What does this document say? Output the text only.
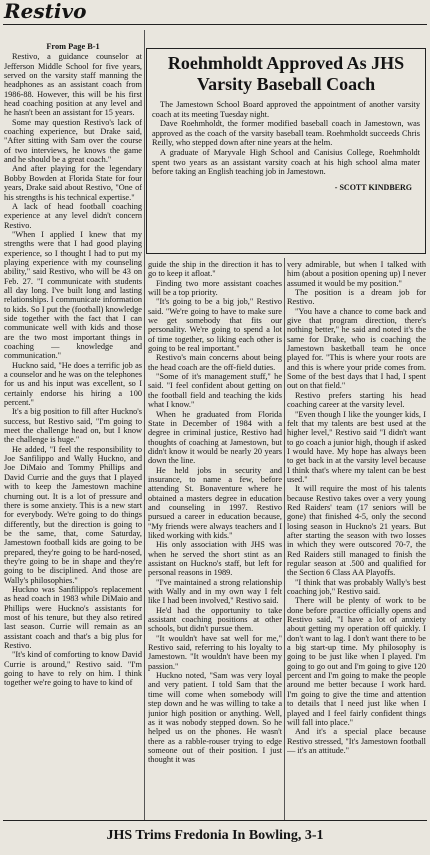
Restivo

From Page B-1

Restivo, a guidance counselor at Jefferson Middle School for five years, served on the varsity staff manning the headphones as an assistant coach from 1986-88. However, this will be his first head coaching position at any level and he hasn't been an assistant for 15 years.

Some may question Restivo's lack of coaching experience, but Drake said, "After sitting with Sam over the course of two interviews, he knows the game and he should be a great coach."

And after playing for the legendary Bobby Bowden at Florida State for four years, Drake said about Restivo, "One of his strengths is his technical expertise."

A lack of head football coaching experience at any level didn't concern Restivo.

"When I applied I knew that my strengths were that I had good playing experience, so I thought I had to put my playing experience with my counseling ability," said Restivo, who will be 43 on Feb. 27. "I communicate with students all day long. I've built long and lasting relationships. I communicate information to kids. So I put the (football) knowledge side together with the fact that I can communicate well with kids and those are the two most important things in coaching — knowledge and communication."

Huckno said, "He does a terrific job as a counselor and he was on the telephones for us and his input was excellent, so I certainly endorse his hiring a 100 percent."

It's a big position to fill after Huckno's success, but Restivo said, "I'm going to meet the challenge head on, but I know the challenge is huge."

He added, "I feel the responsibility to Joe Sanfilippo and Wally Huckno, and Joe DiMaio and Tommy Phillips and David Currie and the guys that I played with to keep the Jamestown machine churning out. It is a lot of pressure and there is some anxiety. This is a new start for everybody. We're going to do things differently, but the direction is going to be the same, that, come Saturday, Jamestown football kids are going to be prepared, they're going to be hard-nosed, they're going to be in shape and they're going to be disciplined. And those are Wally's philosophies."

Huckno was Sanfilippo's replacement as head coach in 1983 while DiMaio and Phillips were Huckno's assistants for most of his tenure, but they also retired last season. Currie will remain as an assistant coach and that's a big plus for Restivo.

"It's kind of comforting to know David Currie is around," Restivo said. "I'm going to have to rely on him. I think together we're going to have to kind of

Roehmholdt Approved As JHS Varsity Baseball Coach

The Jamestown School Board approved the appointment of another varsity coach at its meeting Tuesday night.

Dave Roehmholdt, the former modified baseball coach in Jamestown, was approved as the coach of the varsity baseball team. Roehmholdt succeeds Chris Reilly, who stepped down after nine years at the helm.

A graduate of Maryvale High School and Canisius College, Roehmholdt spent two years as an assistant varsity coach at his high school alma mater before taking an English teaching job in Jamestown.

- SCOTT KINDBERG

guide the ship in the direction it has to go to keep it afloat."

Finding two more assistant coaches will be a top priority.

"It's going to be a big job," Restivo said. "We're going to have to make sure we get somebody that fits our personality. We're going to spend a lot of time together, so liking each other is going to be real important."

Restivo's main concerns about being the head coach are the off-field duties.

"Some of it's management stuff," he said. "I feel confident about getting on the football field and teaching the kids what I know."

When he graduated from Florida State in December of 1984 with a degree in criminal justice, Restivo had thoughts of coaching at Jamestown, but didn't know it would be nearly 20 years down the line.

He held jobs in security and insurance, to name a few, before attending St. Bonaventure where he obtained a masters degree in education and counseling in 1997. Restivo pursued a career in education because, "My friends were always teachers and I liked working with kids."

His only association with JHS was when he served the short stint as an assistant on Huckno's staff, but left for personal reasons in 1989.

"I've maintained a strong relationship with Wally and in my own way I felt like I had been involved," Restivo said.

He'd had the opportunity to take assistant coaching positions at other schools, but didn't pursue them.

"It wouldn't have sat well for me," Restivo said, referring to his loyalty to Jamestown. "It wouldn't have been my passion."

Huckno noted, "Sam was very loyal and very patient. I told Sam that the time will come when somebody will step down and he was willing to take a junior high position or anything. Well, as it was nobody stepped down. So he helped us on the phones. He wasn't there as a rabble-rouser trying to edge someone out of their position. I just thought it was

very admirable, but when I talked with him (about a position opening up) I never assumed it would be my position."

The position is a dream job for Restivo.

"You have a chance to come back and give that program direction, there's nothing better," he said and noted it's the same for Drake, who is coaching the Jamestown basketball team he once played for. "This is where your roots are and this is where your pride comes from. Some of the best days that I had, I spent out on that field."

Restivo prefers starting his head coaching career at the varsity level.

"Even though I like the younger kids, I felt that my talents are best used at the higher level," Restivo said "I didn't want to go coach a junior high, though if asked I would have. My hope has always been to get back in at the varsity level because I think that's where my talent can be best used."

It will require the most of his talents because Restivo takes over a very young Red Raiders' team (17 seniors will be gone) that finished 4-5, only the second losing season in Huckno's 21 years. But after starting the season with two losses in which they were outscored 70-7, the Red Raiders still managed to finish the regular season at .500 and qualified for the Section 6 Class AA Playoffs.

"I think that was probably Wally's best coaching job," Restivo said.

There will be plenty of work to be done before practice officially opens and Restivo said, "I have a lot of anxiety about getting my operation off quickly. I don't want to lag. I don't want there to be a big start-up time. My philosophy is going to be just like when I played. I'm going to go out and I'm going to give 120 percent and I'm going to make the people around me better because I work hard. I'm going to give the time and attention to details that I need just like when I played and I feel fairly confident things will fall into place."

And it's a special place because Restivo stressed, "It's Jamestown football — it's an attitude."

JHS Trims Fredonia In Bowling, 3-1
